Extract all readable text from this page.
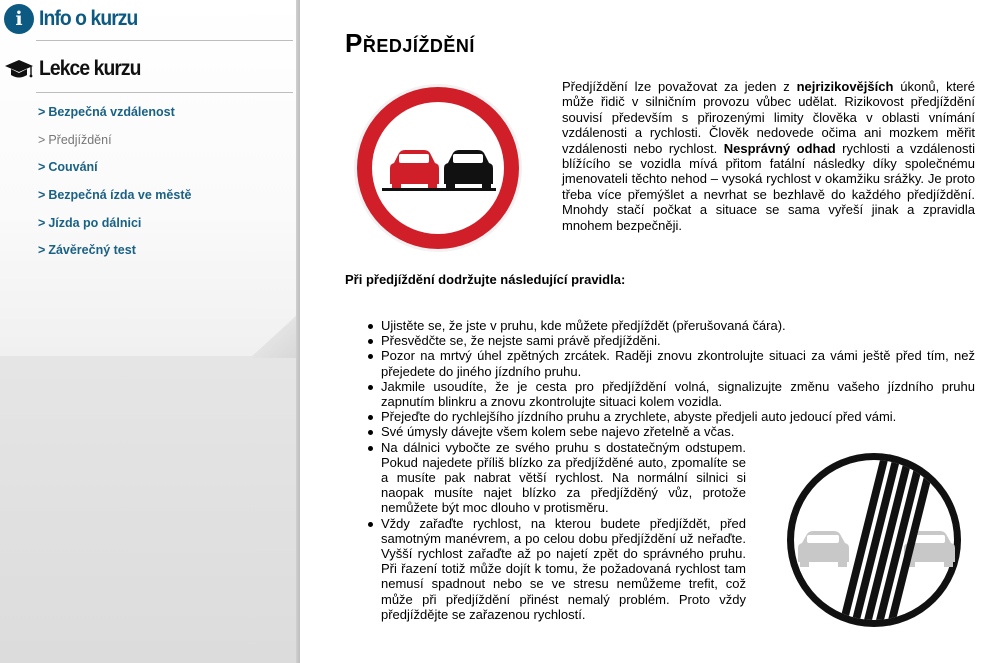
i Info o kurzu
Lekce kurzu
> Bezpečná vzdálenost
> Předjíždění
> Couvání
> Bezpečná ízda ve městě
> Jízda po dálnici
> Závěrečný test
Předjíždění

Předjíždění lze považovat za jeden z nejrizikovějších úkonů, které může řidič v silničním provozu vůbec udělat. Rizikovost předjíždění souvisí především s přirozenými limity člověka v oblasti vnímání vzdálenosti a rychlosti. Člověk nedovede očima ani mozkem měřit vzdálenosti nebo rychlost. Nesprávný odhad rychlosti a vzdálenosti blížícího se vozidla mívá přitom fatální následky díky společnému jmenovateli těchto nehod – vysoká rychlost v okamžiku srážky. Je proto třeba více přemýšlet a nevrhat se bezhlavě do každého předjíždění. Mnohdy stačí počkat a situace se sama vyřeší jinak a zpravidla mnohem bezpečněji.

Při předjíždění dodržujte následující pravidla:
Ujistěte se, že jste v pruhu, kde můžete předjíždět (přerušovaná čára).
Přesvědčte se, že nejste sami právě předjížděni.
Pozor na mrtvý úhel zpětných zrcátek. Raději znovu zkontrolujte situaci za vámi ještě před tím, než přejedete do jiného jízdního pruhu.
Jakmile usoudíte, že je cesta pro předjíždění volná, signalizujte změnu vašeho jízdního pruhu zapnutím blinkru a znovu zkontrolujte situaci kolem vozidla.
Přejeďte do rychlejšího jízdního pruhu a zrychlete, abyste předjeli auto jedoucí před vámi.
Své úmysly dávejte všem kolem sebe najevo zřetelně a včas.
Na dálnici vybočte ze svého pruhu s dostatečným odstupem. Pokud najedete příliš blízko za předjížděné auto, zpomalíte se a musíte pak nabrat větší rychlost. Na normální silnici si naopak musíte najet blízko za předjížděný vůz, protože nemůžete být moc dlouho v protisměru.
Vždy zařaďte rychlost, na kterou budete předjíždět, před samotným manévrem, a po celou dobu předjíždění už neřaďte. Vyšší rychlost zařaďte až po najetí zpět do správného pruhu. Při řazení totiž může dojít k tomu, že požadovaná rychlost tam nemusí spadnout nebo se ve stresu nemůžeme trefit, což může při předjíždění přinést nemalý problém. Proto vždy předjíždějte se zařazenou rychlostí.
